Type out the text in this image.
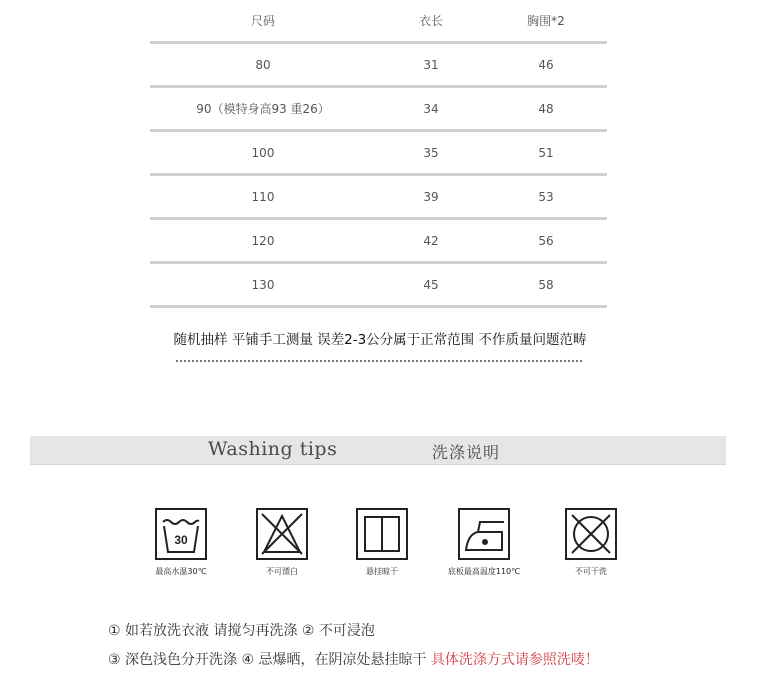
尺码	衣长	胸围*2
80	31	46
90（模特身高93 重26）	34	48
100	35	51
110	39	53
120	42	56
130	45	58
随机抽样 平铺手工测量 误差2-3公分属于正常范围 不作质量问题范畴
Washing tips	洗涤说明
30
最高水温30℃	不可漂白	悬挂晾干	底板最高温度110℃	不可干洗
① 如若放洗衣液 请搅匀再洗涤 ② 不可浸泡
③ 深色浅色分开洗涤 ④ 忌爆晒，在阴凉处悬挂晾干 具体洗涤方式请参照洗唛！
